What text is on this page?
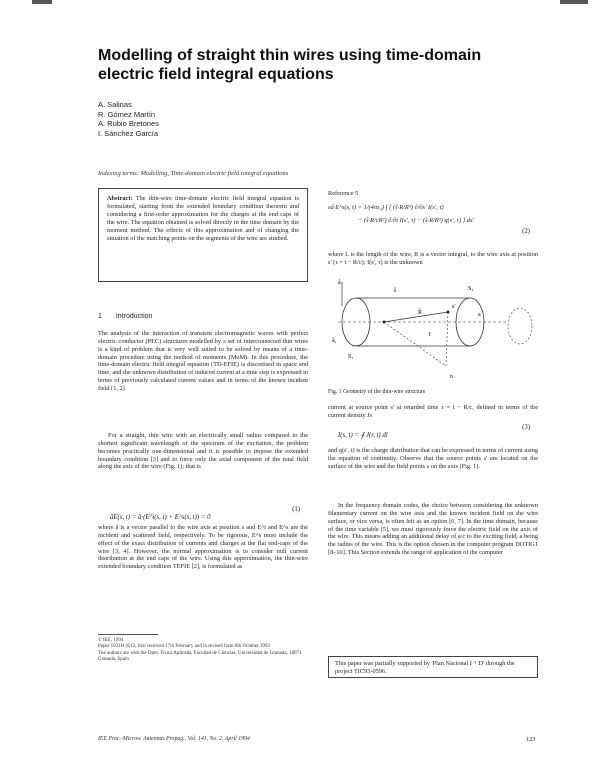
Modelling of straight thin wires using time-domain electric field integral equations
A. Salinas
R. Gómez Martín
A. Rubio Bretones
I. Sánchez García
Indexing terms: Modelling, Time-domain electric field integral equations
Abstract: The thin-wire time-domain electric field integral equation is formulated, starting from the extended boundary condition theorem and considering a first-order approximation for the charges at the end caps of the wire. The equation obtained is solved directly in the time domain by the moment method. The effects of this approximation and of changing the situation of the matching points on the segments of the wire are studied.
1 Introduction
The analysis of the interaction of transient electromagnetic waves with perfect electric conductor (PEC) structures modelled by a set of interconnected thin wires is a kind of problem that is very well suited to be solved by means of a time-domain procedure using the method of moments (MoM). In this procedure, the time-domain electric field integral equation (TD-EFIE) is discretised in space and time, and the unknown distribution of induced current at a time step is expressed in terms of previously calculated current values and in terms of the known incident field [1, 2].
For a straight, thin wire with an electrically small radius compared to the shortest significant wavelength of the spectrum of the excitation, the problem becomes practically one-dimensional and it is possible to impose the extended boundary condition [3] and to force only the axial component of the total field along the axis of the wire (Fig. 1); that is
âE(s, t) = â·(E^i(s, t) + E^s(s, t)) = 0
(1)
where â is a vector parallel to the wire axis at position s and E^i and E^s are the incident and scattered field, respectively. To be rigorous, E^s must include the effect of the exact distribution of currents and charges at the flat end-caps of the wire [3, 4]. However, the normal approximation is to consider null current distribution at the end caps of the wire. Using this approximation, the thin-wire extended boundary condition TEFIE [2], is formulated as
© IEE, 1994
Paper 1021H (E12, first received 17th February and in revised form 8th October 1993
The authors are with the Dpto. Física Aplicada, Facultad de Ciencias, Universidad de Granada, 18071 Granada, Spain
Reference 5
sâ·E^s(s, t) = 1/(4πε₀) ∫ [ (ŝ·R/R³) ∂/∂s' I(s', τ)
− (ŝ·R/cR²) ∂/∂t I(s', τ) − (ŝ·R/R³) q(s', τ) ] ds'
(2)
where L is the length of the wire, R is a vector integral, to the wire axis at position s' (τ = t − R/c); I(s', τ) is the unknown
â
ŝ
s'
R̂	a
S₁
S₂
ℓ
â₁
n
Fig. 1 Geometry of the thin-wire structure
current at source point s' at retarded time τ = t − R/c, defined in terms of the current density Js
I(s, t) = ∮ J(r, t) dl
(3)
and q(s', t) is the charge distribution that can be expressed in terms of current using the equation of continuity. Observe that the source points s' are located on the surface of the wire and the field points s on the axis (Fig. 1).
In the frequency domain codes, the choice between considering the unknown filamentary current on the wire axis and the known incident field on the wire surface, or vice versa, is often left as an option [6, 7]. In the time domain, because of the time variable [5], we must rigorously force the electric field on the axis of the wire. This means adding an additional delay of a/c to the exciting field, a being the radius of the wire. This is the option chosen in the computer program DOTIG1 [8–10]. This Section extends the range of application of the computer
This paper was partially supported by 'Plan Nacional I + D' through the project TIC93-0596.
IEE Proc.-Microw. Antennas Propag., Vol. 141, No. 2, April 1994	123
